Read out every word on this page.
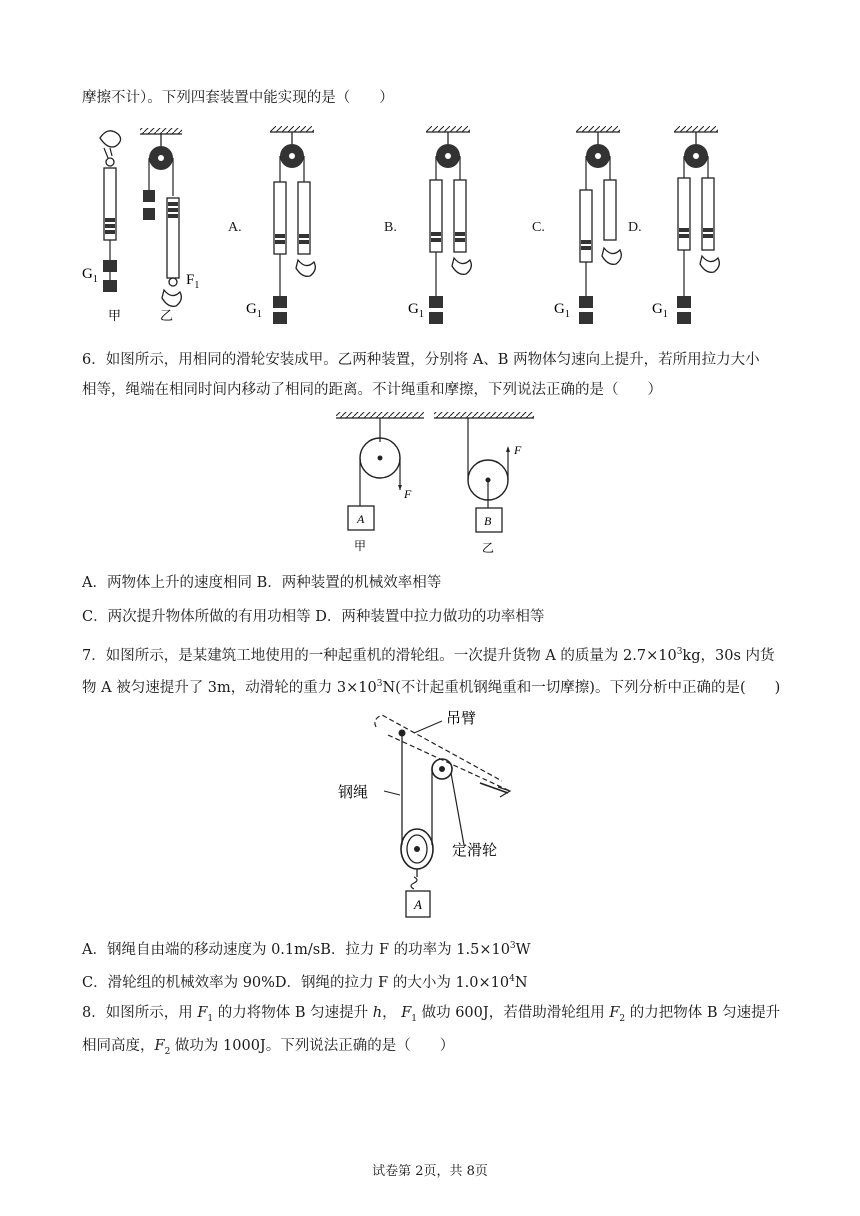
摩擦不计）。下列四套装置中能实现的是（　　）
$G_1$
甲
$F_1$
乙	$G_1$	$G_1$	$G_1$	$G_1$
A.	B.	C.	D.
6．如图所示，用相同的滑轮安装成甲。乙两种装置，分别将 A、B 两物体匀速向上提升，若所用拉力大小
相等，绳端在相同时间内移动了相同的距离。不计绳重和摩擦，下列说法正确的是（　　）
A
F
甲
B
F
乙
A．两物体上升的速度相同 B．两种装置的机械效率相等
C．两次提升物体所做的有用功相等 D．两种装置中拉力做功的功率相等
7．如图所示，是某建筑工地使用的一种起重机的滑轮组。一次提升货物 A 的质量为 $2.7\times 10^3kg$，30s 内货
物 A 被匀速提升了 3m，动滑轮的重力 $3\times 10^3N$(不计起重机钢绳重和一切摩擦)。下列分析中正确的是(　　)
A
吊臂
钢绳
定滑轮
A．钢绳自由端的移动速度为 0.1m/sB．拉力 F 的功率为 $1.5\times 10^3W$
C．滑轮组的机械效率为 90%D．钢绳的拉力 F 的大小为 $1.0\times 10^4N$
8．如图所示，用 $F_1$ 的力将物体 B 匀速提升 h， $F_1$ 做功 600J，若借助滑轮组用 $F_2$ 的力把物体 B 匀速提升
相同高度，$F_2$ 做功为 1000J。下列说法正确的是（　　）
试卷第 2页，共 8页
